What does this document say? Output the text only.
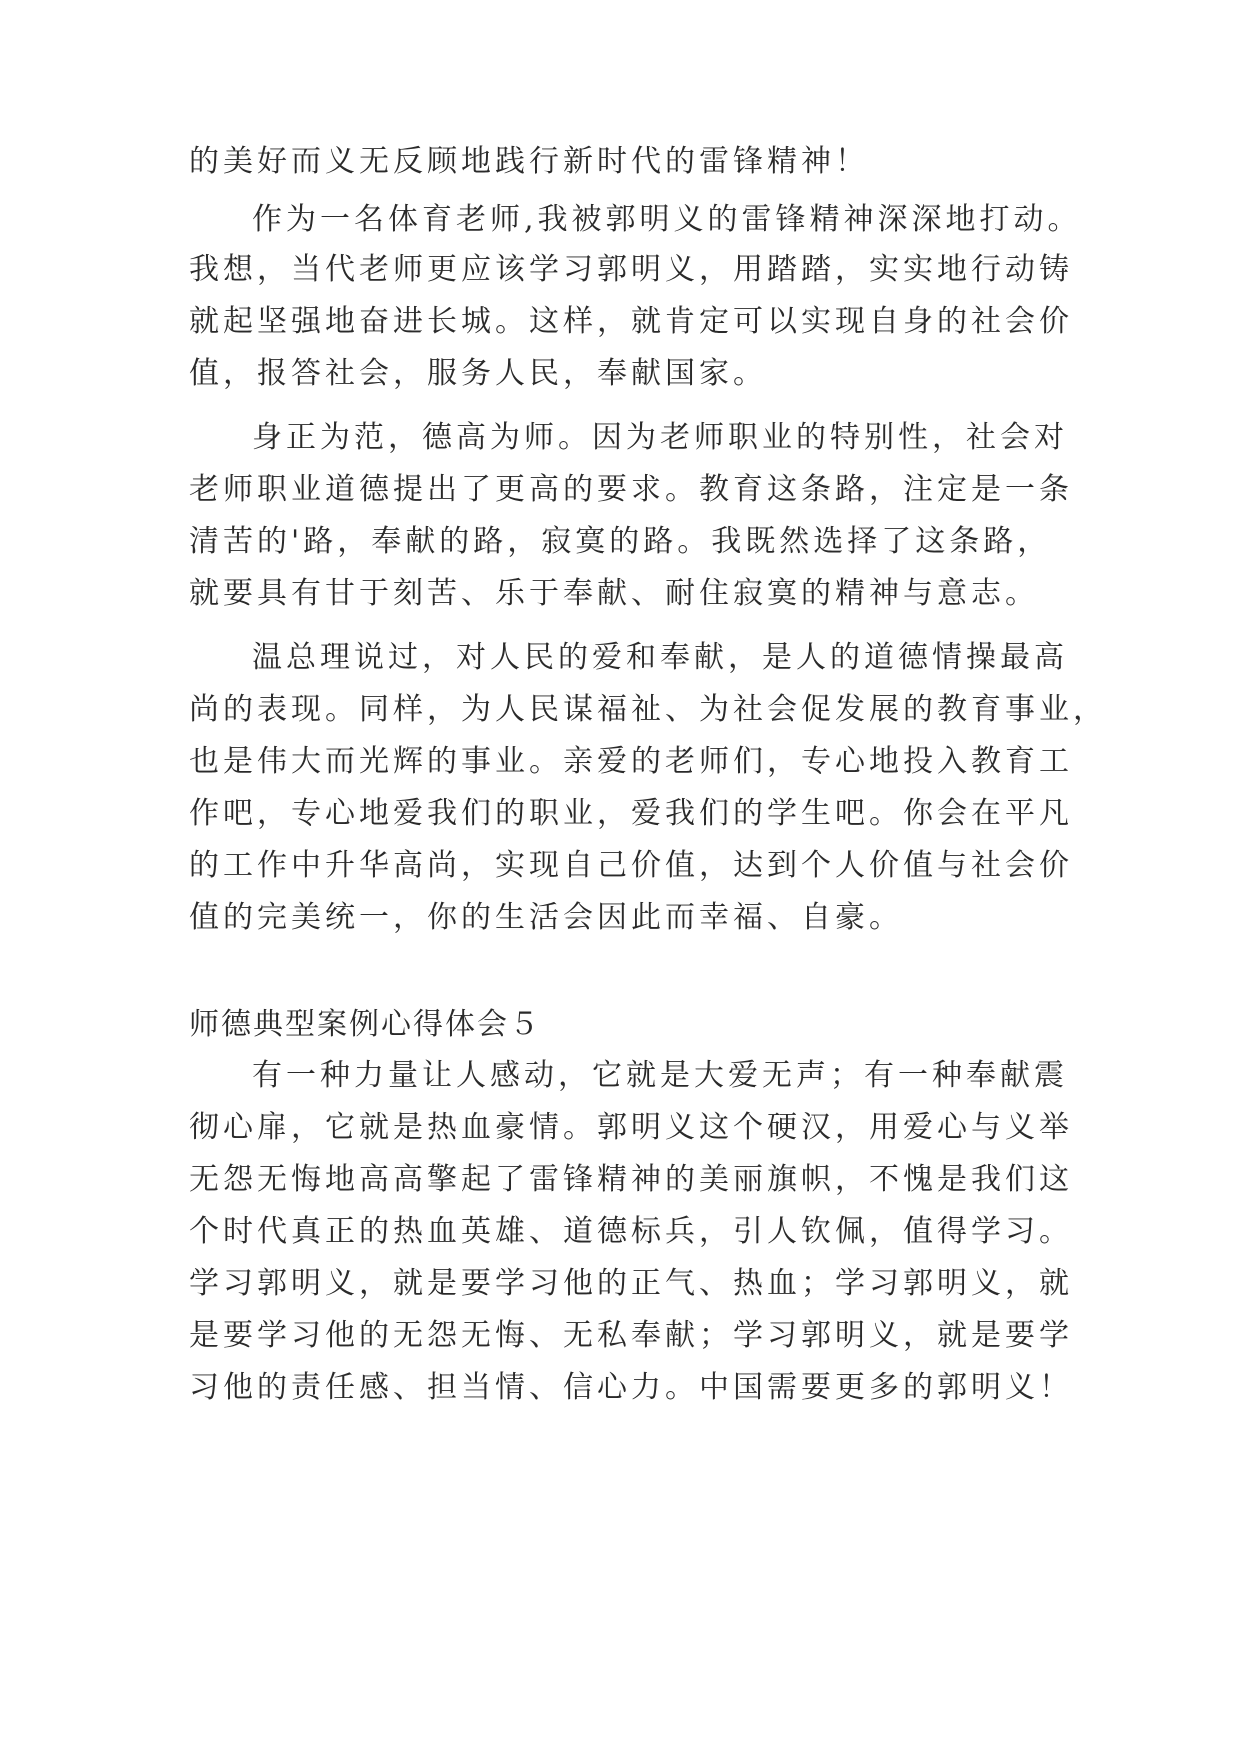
的美好而义无反顾地践行新时代的雷锋精神！
作为一名体育老师,我被郭明义的雷锋精神深深地打动。
我想，当代老师更应该学习郭明义，用踏踏，实实地行动铸
就起坚强地奋进长城。这样，就肯定可以实现自身的社会价
值，报答社会，服务人民，奉献国家。
身正为范，德高为师。因为老师职业的特别性，社会对
老师职业道德提出了更高的要求。教育这条路，注定是一条
清苦的'路，奉献的路，寂寞的路。我既然选择了这条路，
就要具有甘于刻苦、乐于奉献、耐住寂寞的精神与意志。
温总理说过，对人民的爱和奉献，是人的道德情操最高
尚的表现。同样，为人民谋福祉、为社会促发展的教育事业，
也是伟大而光辉的事业。亲爱的老师们，专心地投入教育工
作吧，专心地爱我们的职业，爱我们的学生吧。你会在平凡
的工作中升华高尚，实现自己价值，达到个人价值与社会价
值的完美统一，你的生活会因此而幸福、自豪。
师德典型案例心得体会５
有一种力量让人感动，它就是大爱无声；有一种奉献震
彻心扉，它就是热血豪情。郭明义这个硬汉，用爱心与义举
无怨无悔地高高擎起了雷锋精神的美丽旗帜，不愧是我们这
个时代真正的热血英雄、道德标兵，引人钦佩，值得学习。
学习郭明义，就是要学习他的正气、热血；学习郭明义，就
是要学习他的无怨无悔、无私奉献；学习郭明义，就是要学
习他的责任感、担当情、信心力。中国需要更多的郭明义！
